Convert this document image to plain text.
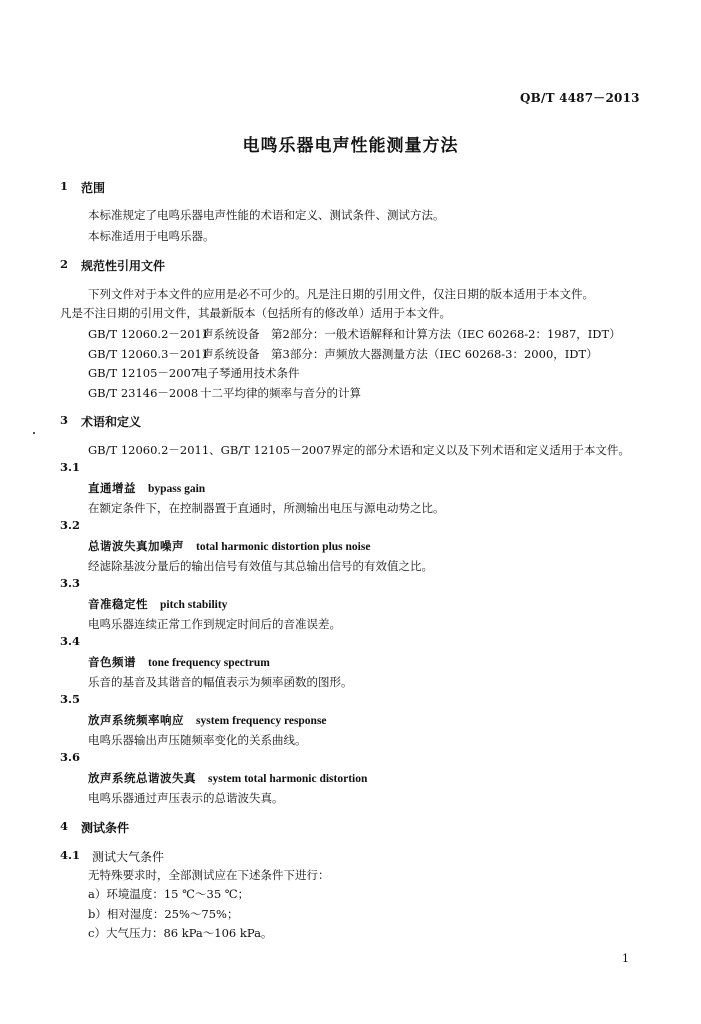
QB/T 4487－2013
电鸣乐器电声性能测量方法
1 范围
本标准规定了电鸣乐器电声性能的术语和定义、测试条件、测试方法。
本标准适用于电鸣乐器。
2 规范性引用文件
下列文件对于本文件的应用是必不可少的。凡是注日期的引用文件，仅注日期的版本适用于本文件。
凡是不注日期的引用文件，其最新版本（包括所有的修改单）适用于本文件。
GB/T 12060.2－2011声系统设备　第2部分：一般术语解释和计算方法（IEC 60268-2：1987，IDT）
GB/T 12060.3－2011声系统设备　第3部分：声频放大器测量方法（IEC 60268-3：2000，IDT）
GB/T 12105－2007电子琴通用技术条件
GB/T 23146－2008 十二平均律的频率与音分的计算
3 术语和定义
GB/T 12060.2－2011、GB/T 12105－2007界定的部分术语和定义以及下列术语和定义适用于本文件。
3.1
直通增益 bypass gain
在额定条件下，在控制器置于直通时，所测输出电压与源电动势之比。
3.2
总谐波失真加噪声 total harmonic distortion plus noise
经滤除基波分量后的输出信号有效值与其总输出信号的有效值之比。
3.3
音准稳定性 pitch stability
电鸣乐器连续正常工作到规定时间后的音准误差。
3.4
音色频谱 tone frequency spectrum
乐音的基音及其谐音的幅值表示为频率函数的图形。
3.5
放声系统频率响应 system frequency response
电鸣乐器输出声压随频率变化的关系曲线。
3.6
放声系统总谐波失真 system total harmonic distortion
电鸣乐器通过声压表示的总谐波失真。
4 测试条件
4.1 测试大气条件
无特殊要求时，全部测试应在下述条件下进行：
a）环境温度：15 ℃～35 ℃；
b）相对湿度：25%～75%；
c）大气压力：86 kPa～106 kPa。
1
